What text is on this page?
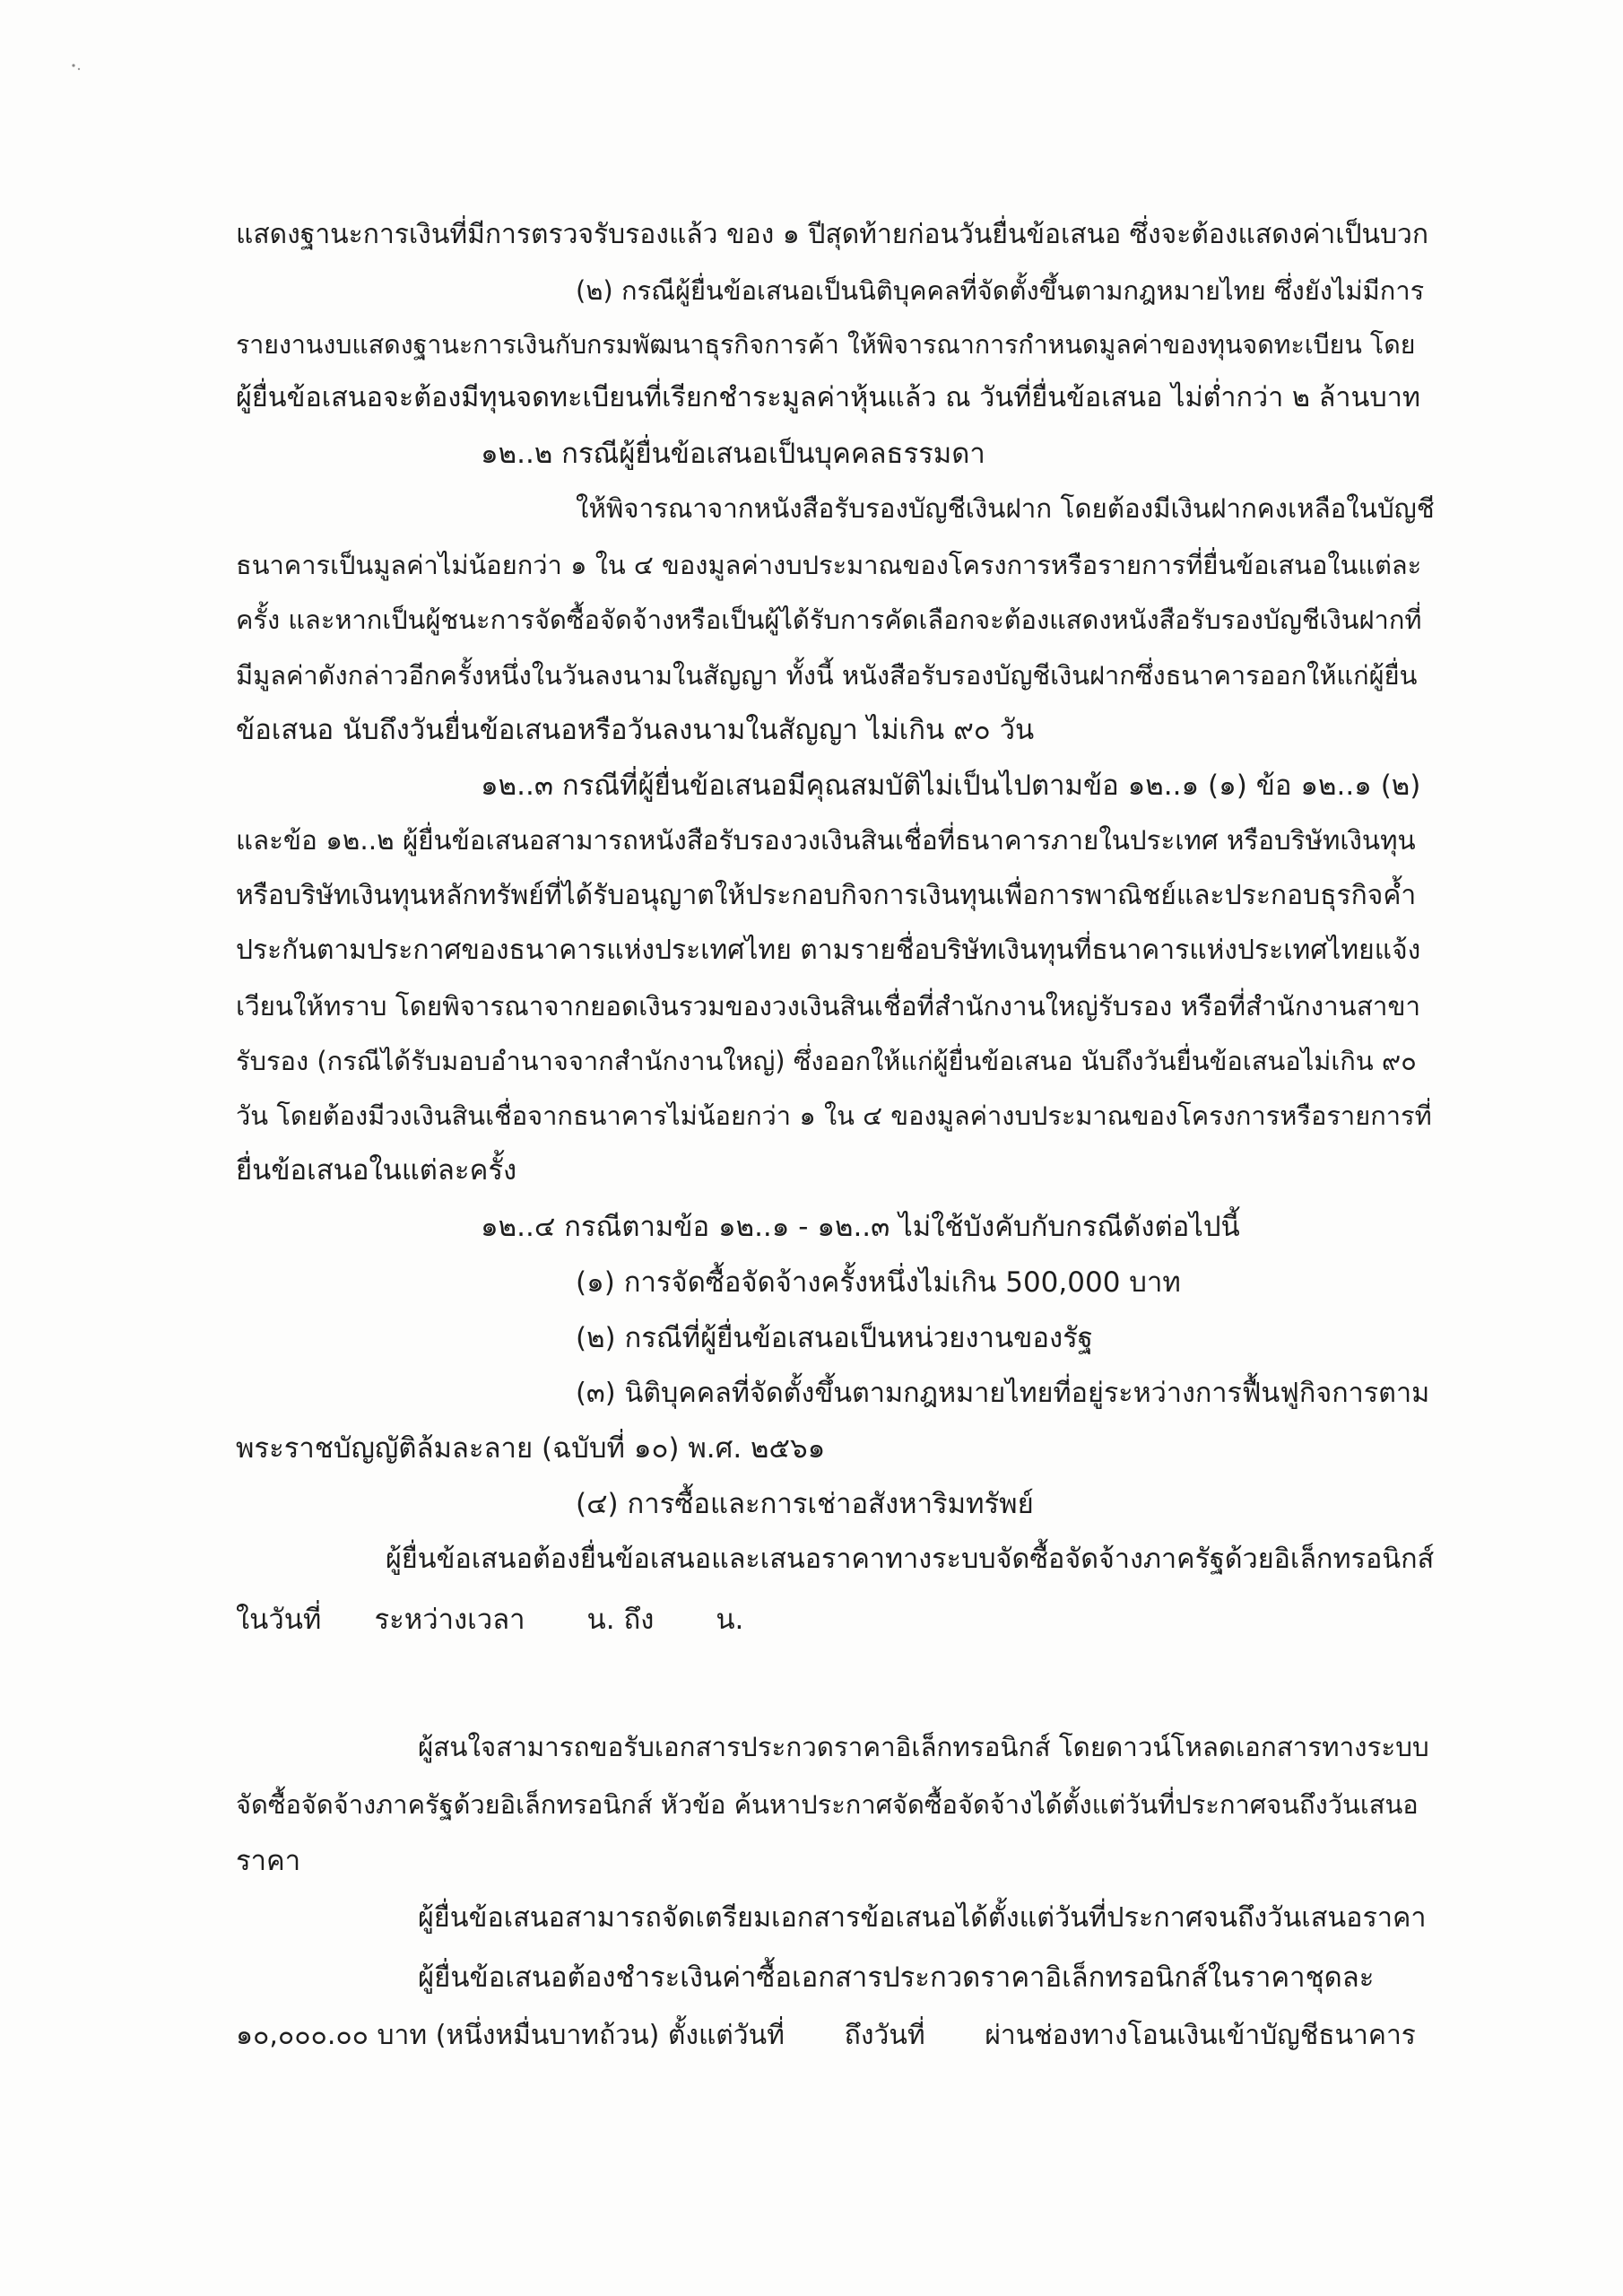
แสดงฐานะการเงินที่มีการตรวจรับรองแล้ว ของ ๑ ปีสุดท้ายก่อนวันยื่นข้อเสนอ ซึ่งจะต้องแสดงค่าเป็นบวก
(๒) กรณีผู้ยื่นข้อเสนอเป็นนิติบุคคลที่จัดตั้งขึ้นตามกฎหมายไทย ซึ่งยังไม่มีการ
รายงานงบแสดงฐานะการเงินกับกรมพัฒนาธุรกิจการค้า ให้พิจารณาการกำหนดมูลค่าของทุนจดทะเบียน โดย
ผู้ยื่นข้อเสนอจะต้องมีทุนจดทะเบียนที่เรียกชำระมูลค่าหุ้นแล้ว ณ วันที่ยื่นข้อเสนอ ไม่ต่ำกว่า ๒ ล้านบาท
๑๒..๒ กรณีผู้ยื่นข้อเสนอเป็นบุคคลธรรมดา
ให้พิจารณาจากหนังสือรับรองบัญชีเงินฝาก โดยต้องมีเงินฝากคงเหลือในบัญชี
ธนาคารเป็นมูลค่าไม่น้อยกว่า ๑ ใน ๔ ของมูลค่างบประมาณของโครงการหรือรายการที่ยื่นข้อเสนอในแต่ละ
ครั้ง และหากเป็นผู้ชนะการจัดซื้อจัดจ้างหรือเป็นผู้ได้รับการคัดเลือกจะต้องแสดงหนังสือรับรองบัญชีเงินฝากที่
มีมูลค่าดังกล่าวอีกครั้งหนึ่งในวันลงนามในสัญญา ทั้งนี้ หนังสือรับรองบัญชีเงินฝากซึ่งธนาคารออกให้แก่ผู้ยื่น
ข้อเสนอ นับถึงวันยื่นข้อเสนอหรือวันลงนามในสัญญา ไม่เกิน ๙๐ วัน
๑๒..๓ กรณีที่ผู้ยื่นข้อเสนอมีคุณสมบัติไม่เป็นไปตามข้อ ๑๒..๑ (๑) ข้อ ๑๒..๑ (๒)
และข้อ ๑๒..๒ ผู้ยื่นข้อเสนอสามารถหนังสือรับรองวงเงินสินเชื่อที่ธนาคารภายในประเทศ หรือบริษัทเงินทุน
หรือบริษัทเงินทุนหลักทรัพย์ที่ได้รับอนุญาตให้ประกอบกิจการเงินทุนเพื่อการพาณิชย์และประกอบธุรกิจค้ำ
ประกันตามประกาศของธนาคารแห่งประเทศไทย ตามรายชื่อบริษัทเงินทุนที่ธนาคารแห่งประเทศไทยแจ้ง
เวียนให้ทราบ โดยพิจารณาจากยอดเงินรวมของวงเงินสินเชื่อที่สำนักงานใหญ่รับรอง หรือที่สำนักงานสาขา
รับรอง (กรณีได้รับมอบอำนาจจากสำนักงานใหญ่) ซึ่งออกให้แก่ผู้ยื่นข้อเสนอ นับถึงวันยื่นข้อเสนอไม่เกิน ๙๐
วัน โดยต้องมีวงเงินสินเชื่อจากธนาคารไม่น้อยกว่า ๑ ใน ๔ ของมูลค่างบประมาณของโครงการหรือรายการที่
ยื่นข้อเสนอในแต่ละครั้ง
๑๒..๔ กรณีตามข้อ ๑๒..๑ - ๑๒..๓ ไม่ใช้บังคับกับกรณีดังต่อไปนี้
(๑) การจัดซื้อจัดจ้างครั้งหนึ่งไม่เกิน 500,000 บาท
(๒) กรณีที่ผู้ยื่นข้อเสนอเป็นหน่วยงานของรัฐ
(๓) นิติบุคคลที่จัดตั้งขึ้นตามกฎหมายไทยที่อยู่ระหว่างการฟื้นฟูกิจการตาม
พระราชบัญญัติล้มละลาย (ฉบับที่ ๑๐) พ.ศ. ๒๕๖๑
(๔) การซื้อและการเช่าอสังหาริมทรัพย์
ผู้ยื่นข้อเสนอต้องยื่นข้อเสนอและเสนอราคาทางระบบจัดซื้อจัดจ้างภาครัฐด้วยอิเล็กทรอนิกส์
ในวันที่      ระหว่างเวลา       น. ถึง       น.
ผู้สนใจสามารถขอรับเอกสารประกวดราคาอิเล็กทรอนิกส์ โดยดาวน์โหลดเอกสารทางระบบ
จัดซื้อจัดจ้างภาครัฐด้วยอิเล็กทรอนิกส์ หัวข้อ ค้นหาประกาศจัดซื้อจัดจ้างได้ตั้งแต่วันที่ประกาศจนถึงวันเสนอ
ราคา
ผู้ยื่นข้อเสนอสามารถจัดเตรียมเอกสารข้อเสนอได้ตั้งแต่วันที่ประกาศจนถึงวันเสนอราคา
ผู้ยื่นข้อเสนอต้องชำระเงินค่าซื้อเอกสารประกวดราคาอิเล็กทรอนิกส์ในราคาชุดละ
๑๐,๐๐๐.๐๐ บาท (หนึ่งหมื่นบาทถ้วน) ตั้งแต่วันที่       ถึงวันที่       ผ่านช่องทางโอนเงินเข้าบัญชีธนาคาร
